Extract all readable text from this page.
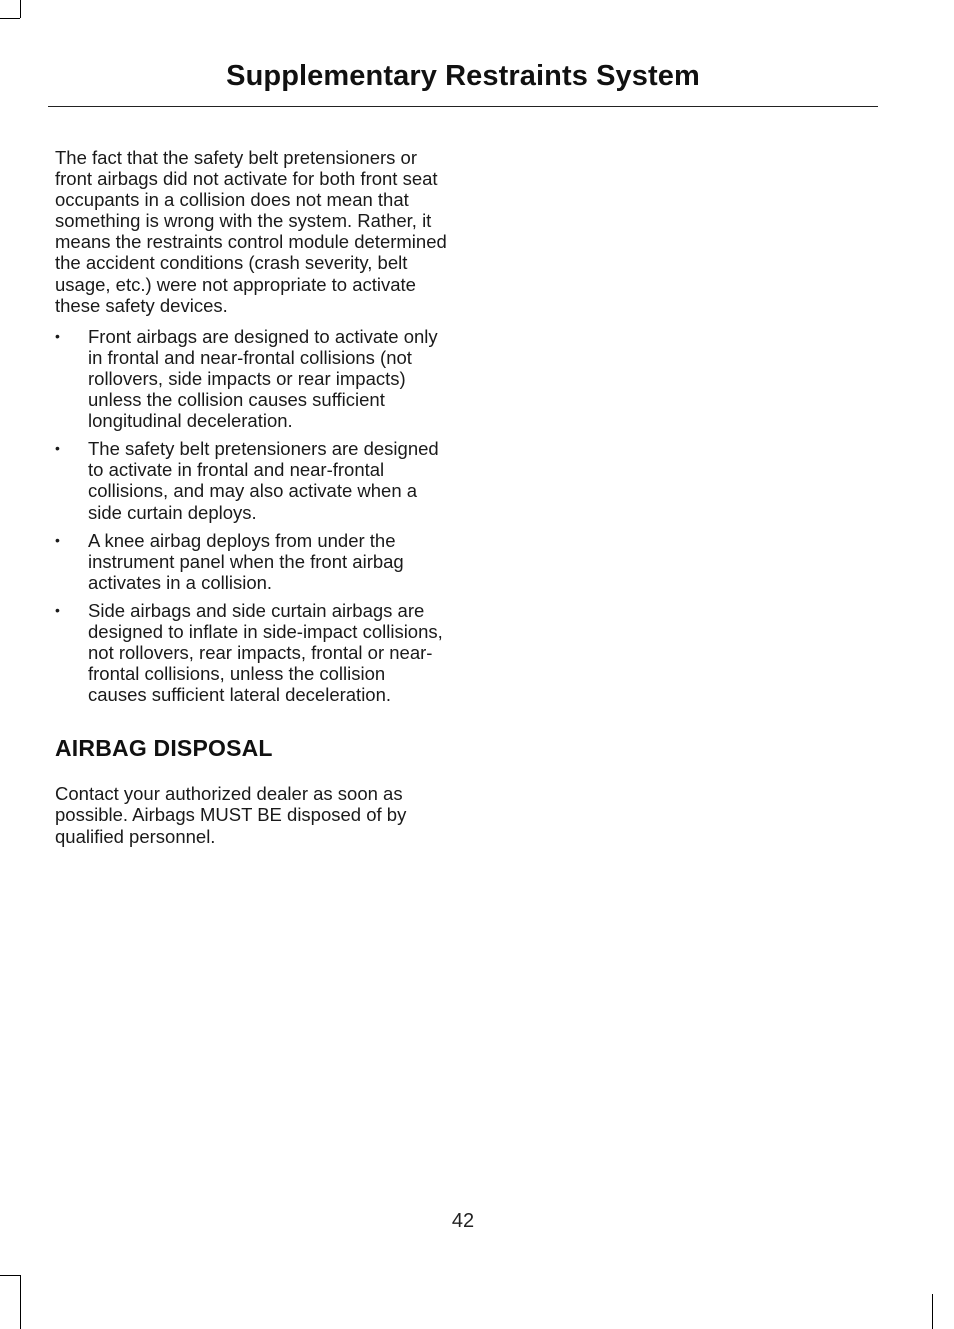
Supplementary Restraints System

The fact that the safety belt pretensioners or front airbags did not activate for both front seat occupants in a collision does not mean that something is wrong with the system. Rather, it means the restraints control module determined the accident conditions (crash severity, belt usage, etc.) were not appropriate to activate these safety devices.

• Front airbags are designed to activate only in frontal and near-frontal collisions (not rollovers, side impacts or rear impacts) unless the collision causes sufficient longitudinal deceleration.
• The safety belt pretensioners are designed to activate in frontal and near-frontal collisions, and may also activate when a side curtain deploys.
• A knee airbag deploys from under the instrument panel when the front airbag activates in a collision.
• Side airbags and side curtain airbags are designed to inflate in side-impact collisions, not rollovers, rear impacts, frontal or near-frontal collisions, unless the collision causes sufficient lateral deceleration.
AIRBAG DISPOSAL

Contact your authorized dealer as soon as possible. Airbags MUST BE disposed of by qualified personnel.

42
